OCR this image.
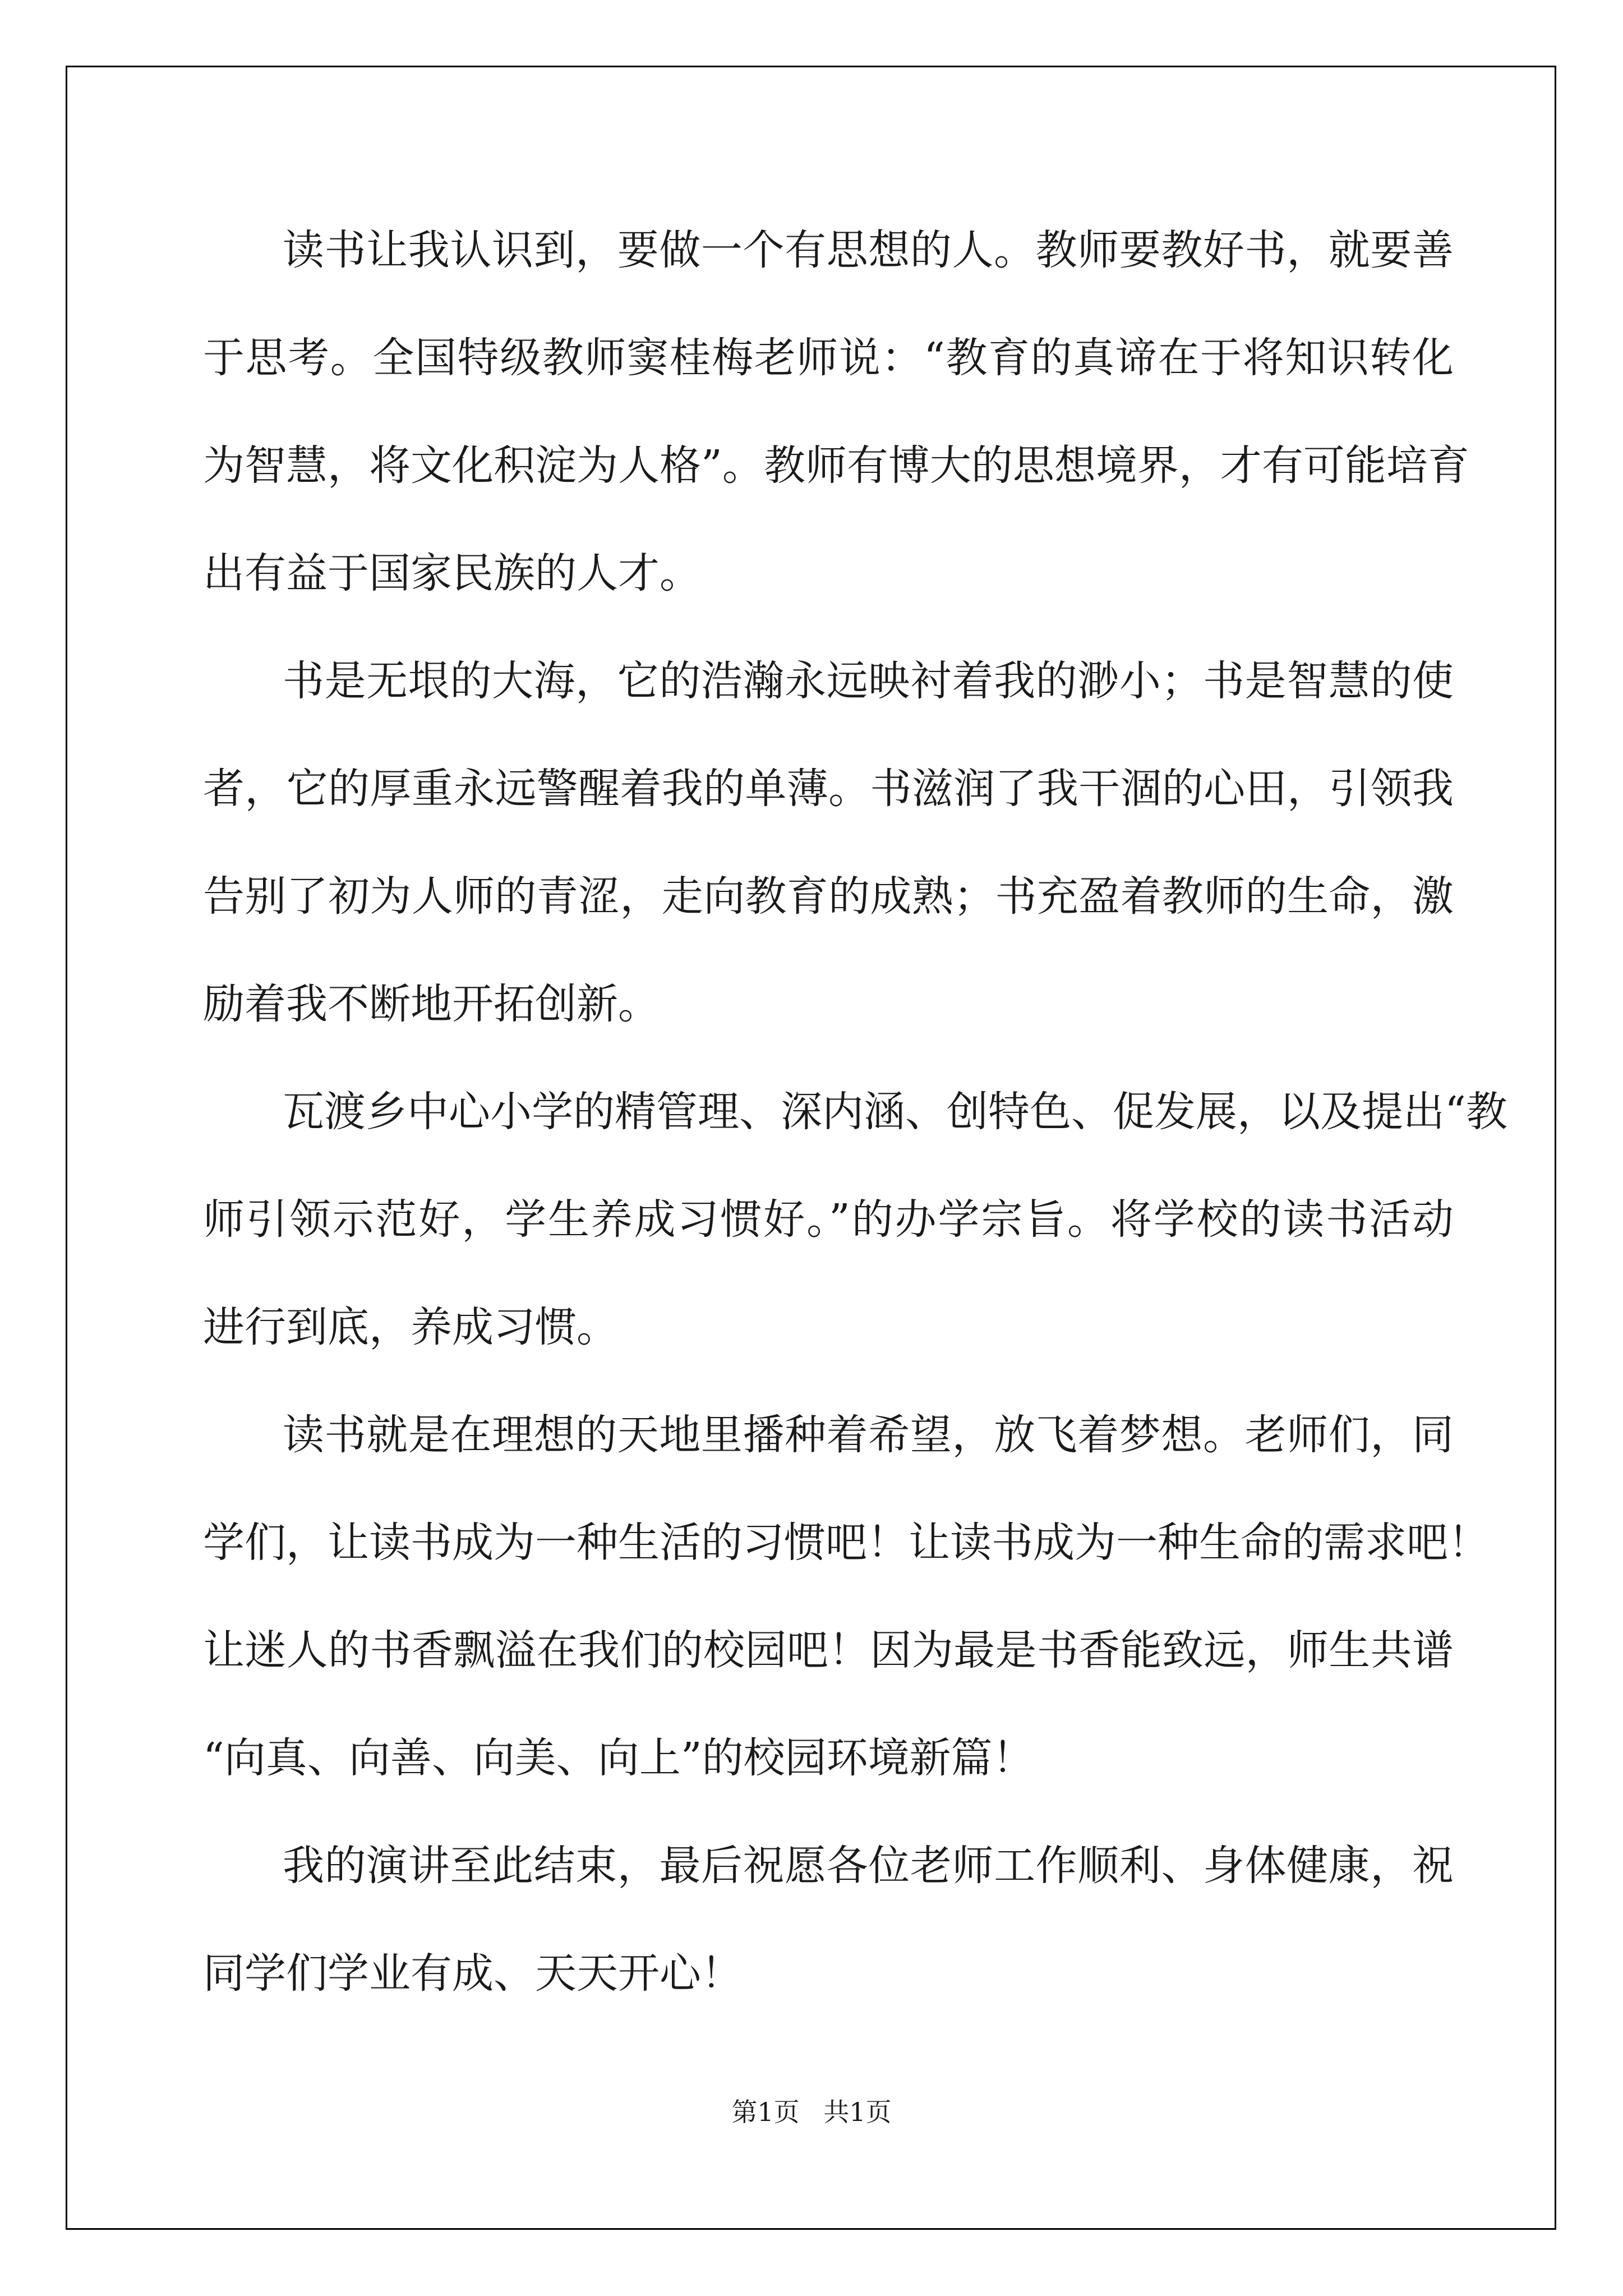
读书让我认识到，要做一个有思想的人。教师要教好书，就要善
于思考。全国特级教师窦桂梅老师说：“教育的真谛在于将知识转化
为智慧，将文化积淀为人格”。教师有博大的思想境界，才有可能培育
出有益于国家民族的人才。
书是无垠的大海，它的浩瀚永远映衬着我的渺小；书是智慧的使
者，它的厚重永远警醒着我的单薄。书滋润了我干涸的心田，引领我
告别了初为人师的青涩，走向教育的成熟；书充盈着教师的生命，激
励着我不断地开拓创新。
瓦渡乡中心小学的精管理、深内涵、创特色、促发展，以及提出“教
师引领示范好，学生养成习惯好。”的办学宗旨。将学校的读书活动
进行到底，养成习惯。
读书就是在理想的天地里播种着希望，放飞着梦想。老师们，同
学们，让读书成为一种生活的习惯吧！让读书成为一种生命的需求吧！
让迷人的书香飘溢在我们的校园吧！因为最是书香能致远，师生共谱
“向真、向善、向美、向上”的校园环境新篇！
我的演讲至此结束，最后祝愿各位老师工作顺利、身体健康，祝
同学们学业有成、天天开心！
第1页 共1页
